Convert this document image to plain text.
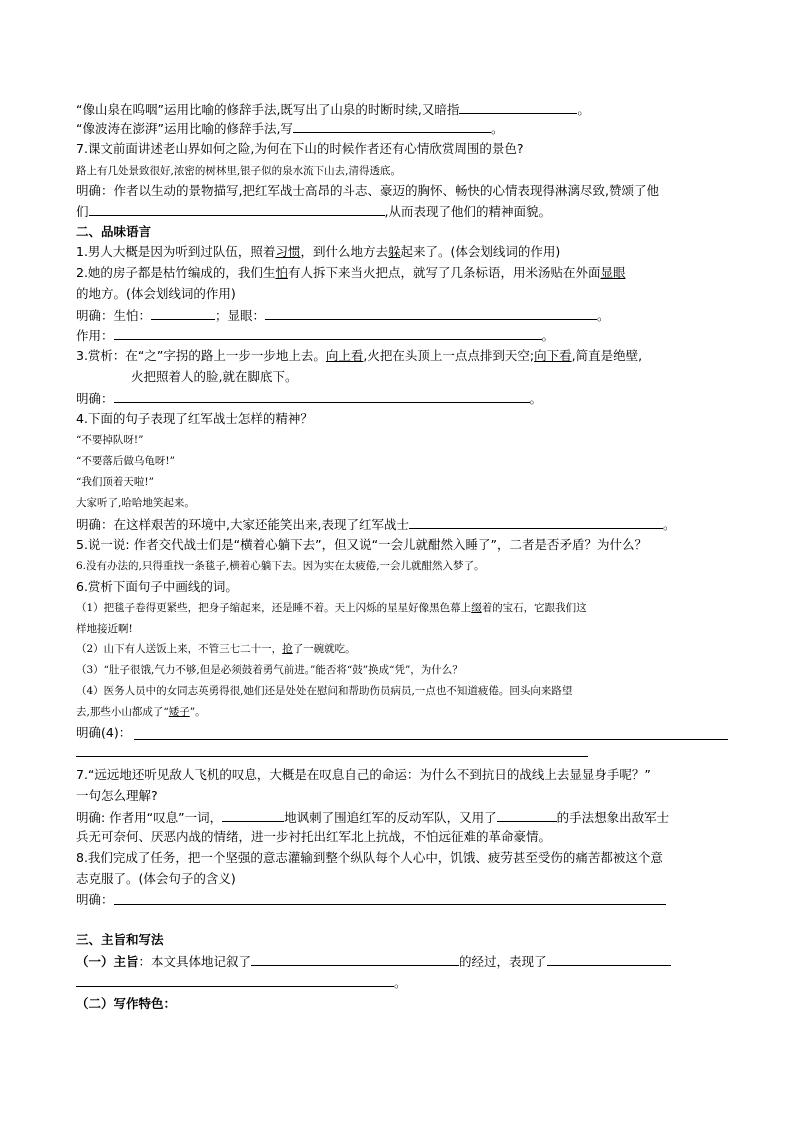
“像山泉在呜咽”运用比喻的修辞手法,既写出了山泉的时断时续,又暗指	。
“像波涛在澎湃”运用比喻的修辞手法,写	。
7.课文前面讲述老山界如何之险,为何在下山的时候作者还有心情欣赏周围的景色?
路上有几处景致很好,浓密的树林里,银子似的泉水流下山去,清得透底。
明确：作者以生动的景物描写,把红军战士高昂的斗志、豪迈的胸怀、畅快的心情表现得淋漓尽致,赞颂了他
们	,从而表现了他们的精神面貌。
二、品味语言
1.男人大概是因为听到过队伍，照着习惯，到什么地方去躲起来了。(体会划线词的作用)
2.她的房子都是枯竹编成的，我们生怕有人拆下来当火把点，就写了几条标语，用米汤贴在外面显眼
的地方。(体会划线词的作用)
明确：生怕：	；显眼：	。
作用：	。
3.赏析：在“之”字拐的路上一步一步地上去。向上看,火把在头顶上一点点排到天空;向下看,简直是绝壁,
火把照着人的脸,就在脚底下。
明确：	。
4.下面的句子表现了红军战士怎样的精神？
“不要掉队呀!”
“不要落后做乌龟呀!”
“我们顶着天啦!”
大家听了,哈哈地笑起来。
明确：在这样艰苦的环境中,大家还能笑出来,表现了红军战士	。
5.说一说: 作者交代战士们是“横着心躺下去”，但又说“一会儿就酣然入睡了”，二者是否矛盾？为什么？
6.没有办法的,只得重找一条毯子,横着心躺下去。因为实在太疲倦,一会儿就酣然入梦了。
6.赏析下面句子中画线的词。
（1）把毯子卷得更紧些，把身子缩起来，还是睡不着。天上闪烁的星星好像黑色幕上缀着的宝石，它跟我们这
样地接近啊!
（2）山下有人送饭上来，不管三七二十一，抢了一碗就吃。
（3）“肚子很饿,气力不够,但是必须鼓着勇气前进。”能否将“鼓”换成“凭”，为什么？
（4）医务人员中的女同志英勇得很,她们还是处处在慰问和帮助伤员病员,一点也不知道疲倦。回头向来路望
去,那些小山都成了“矮子”。
明确(4)：
7.“远远地还听见敌人飞机的叹息，大概是在叹息自己的命运：为什么不到抗日的战线上去显显身手呢？”
一句怎么理解?
明确: 作者用“叹息”一词，	地讽刺了围追红军的反动军队，又用了	的手法想象出敌军士
兵无可奈何、厌恶内战的情绪，进一步衬托出红军北上抗战，不怕远征难的革命豪情。
8.我们完成了任务，把一个坚强的意志灌输到整个纵队每个人心中，饥饿、疲劳甚至受伤的痛苦都被这个意
志克服了。(体会句子的含义)
明确：
三、主旨和写法
（一）主旨：本文具体地记叙了	的经过，表现了
。
（二）写作特色：
